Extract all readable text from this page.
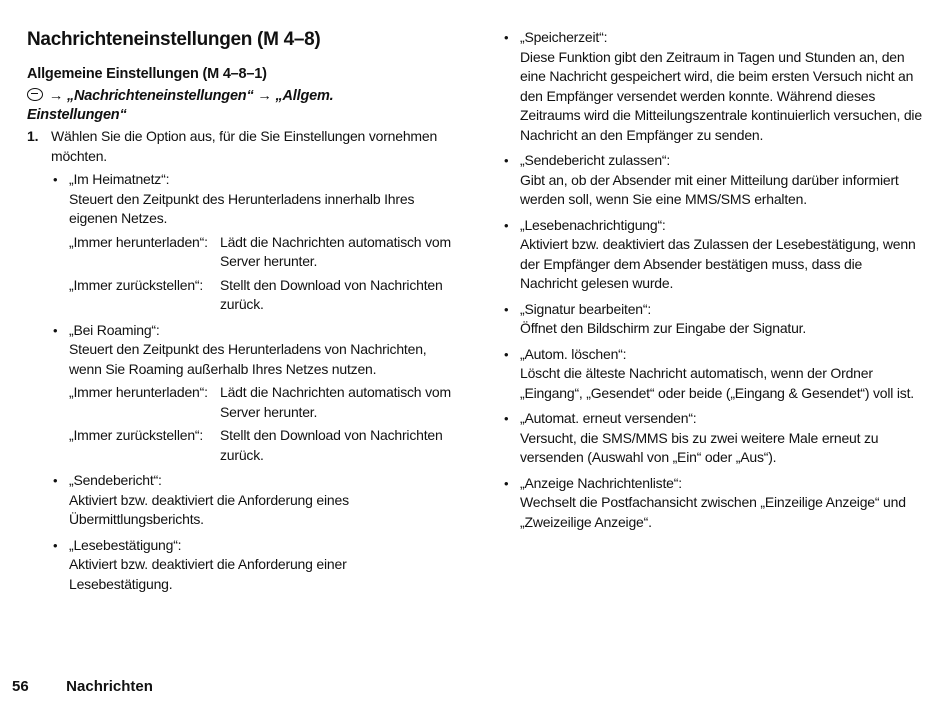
Nachrichteneinstellungen (M 4–8)
Allgemeine Einstellungen (M 4–8–1)
→ „Nachrichteneinstellungen“ → „Allgem.
Einstellungen“
1. Wählen Sie die Option aus, für die Sie Einstellungen vornehmen möchten.
• „Im Heimatnetz“:
Steuert den Zeitpunkt des Herunterladens innerhalb Ihres eigenen Netzes.
„Immer herunterladen“: Lädt die Nachrichten automatisch vom Server herunter.
„Immer zurückstellen“:	Stellt den Download von Nachrichten zurück.
• „Bei Roaming“:
Steuert den Zeitpunkt des Herunterladens von Nachrichten, wenn Sie Roaming außerhalb Ihres Netzes nutzen.
„Immer herunterladen“: Lädt die Nachrichten automatisch vom Server herunter.
„Immer zurückstellen“:	Stellt den Download von Nachrichten zurück.
• „Sendebericht“:
Aktiviert bzw. deaktiviert die Anforderung eines Übermittlungsberichts.
• „Lesebestätigung“:
Aktiviert bzw. deaktiviert die Anforderung einer Lesebestätigung.
• „Speicherzeit“:
Diese Funktion gibt den Zeitraum in Tagen und Stunden an, den eine Nachricht gespeichert wird, die beim ersten Versuch nicht an den Empfänger versendet werden konnte. Während dieses Zeitraums wird die Mitteilungszentrale kontinuierlich versuchen, die Nachricht an den Empfänger zu senden.
• „Sendebericht zulassen“:
Gibt an, ob der Absender mit einer Mitteilung darüber informiert werden soll, wenn Sie eine MMS/SMS erhalten.
• „Lesebenachrichtigung“:
Aktiviert bzw. deaktiviert das Zulassen der Lesebestätigung, wenn der Empfänger dem Absender bestätigen muss, dass die Nachricht gelesen wurde.
• „Signatur bearbeiten“:
Öffnet den Bildschirm zur Eingabe der Signatur.
• „Autom. löschen“:
Löscht die älteste Nachricht automatisch, wenn der Ordner „Eingang“, „Gesendet“ oder beide („Eingang & Gesendet“) voll ist.
• „Automat. erneut versenden“:
Versucht, die SMS/MMS bis zu zwei weitere Male erneut zu versenden (Auswahl von „Ein“ oder „Aus“).
• „Anzeige Nachrichtenliste“:
Wechselt die Postfachansicht zwischen „Einzeilige Anzeige“ und „Zweizeilige Anzeige“.
56 Nachrichten
